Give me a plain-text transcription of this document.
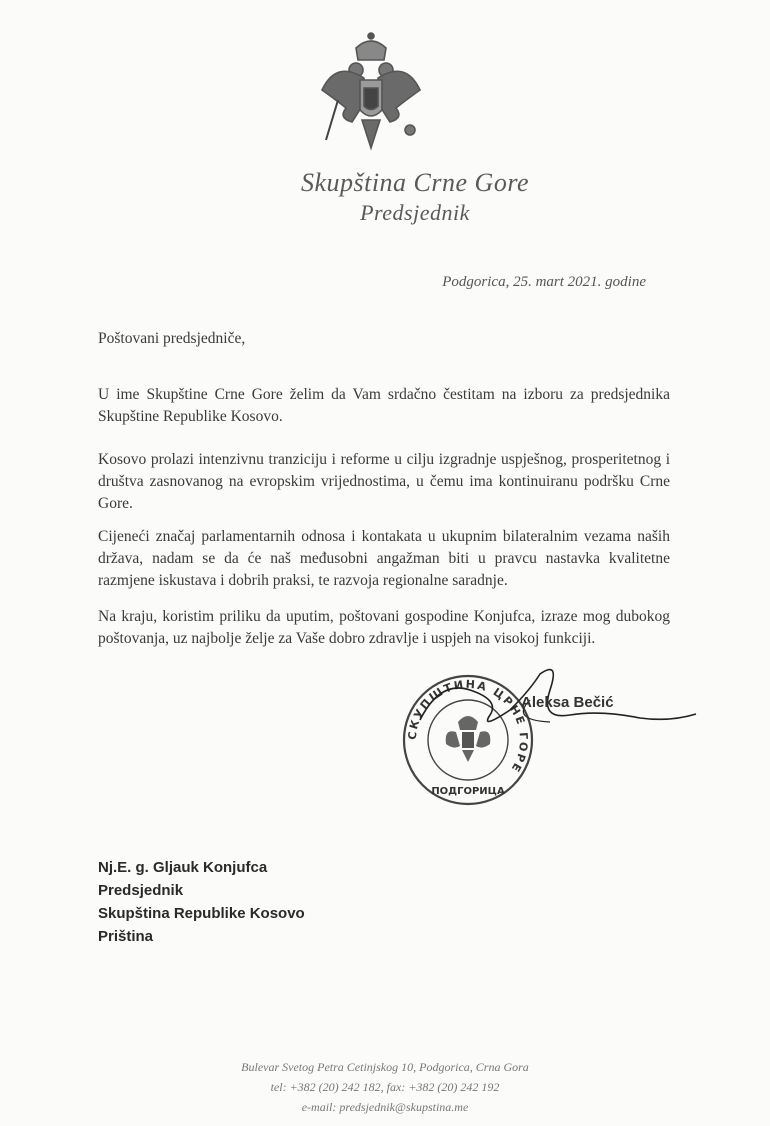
Skupština Crne Gore
Predsjednik
Podgorica, 25. mart 2021. godine
Poštovani predsjedniče,
U ime Skupštine Crne Gore želim da Vam srdačno čestitam na izboru za predsjednika Skupštine Republike Kosovo.
Kosovo prolazi intenzivnu tranziciju i reforme u cilju izgradnje uspješnog, prosperitetnog i društva zasnovanog na evropskim vrijednostima, u čemu ima kontinuiranu podršku Crne Gore.
Cijeneći značaj parlamentarnih odnosa i kontakata u ukupnim bilateralnim vezama naših država, nadam se da će naš međusobni angažman biti u pravcu nastavka kvalitetne razmjene iskustava i dobrih praksi, te razvoja regionalne saradnje.
Na kraju, koristim priliku da uputim, poštovani gospodine Konjufca, izraze mog dubokog poštovanja, uz najbolje želje za Vaše dobro zdravlje i uspjeh na visokoj funkciji.
СКУПШТИНА ЦРНЕ ГОРЕ
ПОДГОРИЦА
Aleksa Bečić
Nj.E. g. Gljauk Konjufca
Predsjednik
Skupština Republike Kosovo
Priština
Bulevar Svetog Petra Cetinjskog 10, Podgorica, Crna Gora
tel: +382 (20) 242 182, fax: +382 (20) 242 192
e-mail: predsjednik@skupstina.me
